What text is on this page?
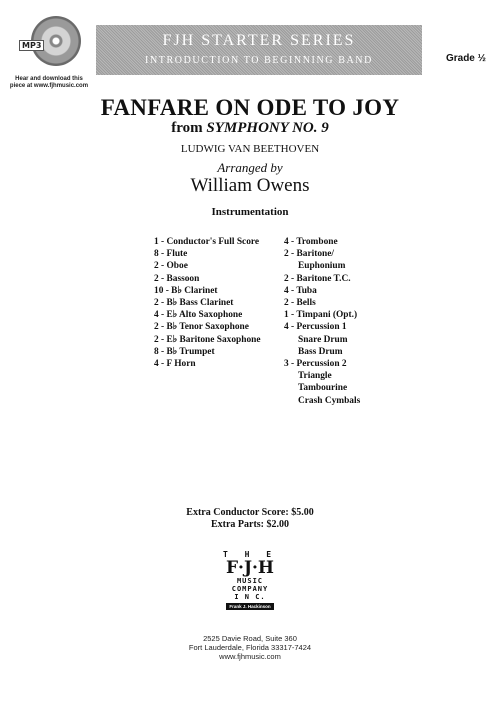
MP3
Hear and download this
piece at www.fjhmusic.com
FJH STARTER SERIES
INTRODUCTION TO BEGINNING BAND	Grade ½
FANFARE ON ODE TO JOY
from SYMPHONY NO. 9
LUDWIG VAN BEETHOVEN
Arranged by
William Owens
Instrumentation
1 - Conductor's Full Score
8 - Flute
2 - Oboe
2 - Bassoon
10 - B♭ Clarinet
2 - B♭ Bass Clarinet
4 - E♭ Alto Saxophone
2 - B♭ Tenor Saxophone
2 - E♭ Baritone Saxophone
8 - B♭ Trumpet
4 - F Horn
4 - Trombone
2 - Baritone/
Euphonium
2 - Baritone T.C.
4 - Tuba
2 - Bells
1 - Timpani (Opt.)
4 - Percussion 1
Snare Drum
Bass Drum
3 - Percussion 2
Triangle
Tambourine
Crash Cymbals
Extra Conductor Score: $5.00
Extra Parts: $2.00
T H E
F·J·H
MUSIC
COMPANY
I N C.
Frank J. Hackinson
2525 Davie Road, Suite 360
Fort Lauderdale, Florida 33317-7424
www.fjhmusic.com
